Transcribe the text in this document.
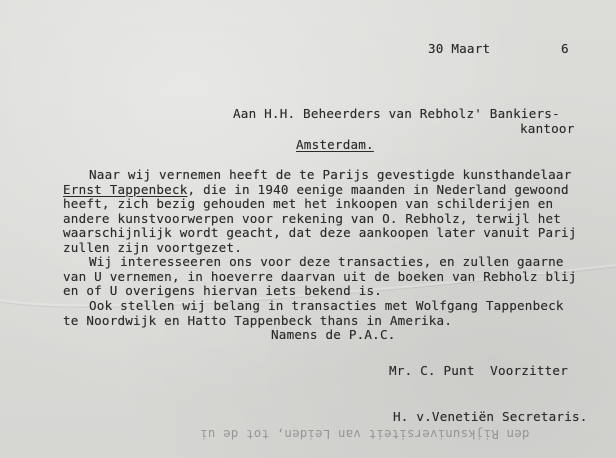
30 Maart	6
Aan H.H. Beheerders van Rebholz' Bankiers-
kantoor
Amsterdam.
Naar wij vernemen heeft de te Parijs gevestigde kunsthandelaar
Ernst Tappenbeck, die in 1940 eenige maanden in Nederland gewoond
heeft, zich bezig gehouden met het inkoopen van schilderijen en
andere kunstvoorwerpen voor rekening van O. Rebholz, terwijl het
waarschijnlijk wordt geacht, dat deze aankoopen later vanuit Parij
zullen zijn voortgezet.
Wij interesseeren ons voor deze transacties, en zullen gaarne
van U vernemen, in hoeverre daarvan uit de boeken van Rebholz blij
en of U overigens hiervan iets bekend is.
Ook stellen wij belang in transacties met Wolfgang Tappenbeck
te Noordwijk en Hatto Tappenbeck thans in Amerika.
Namens de P.A.C.
Mr. C. Punt  Voorzitter
H. v.Venetiën Secretaris.
den Rijksuniversiteit van Leiden, tot de ui
